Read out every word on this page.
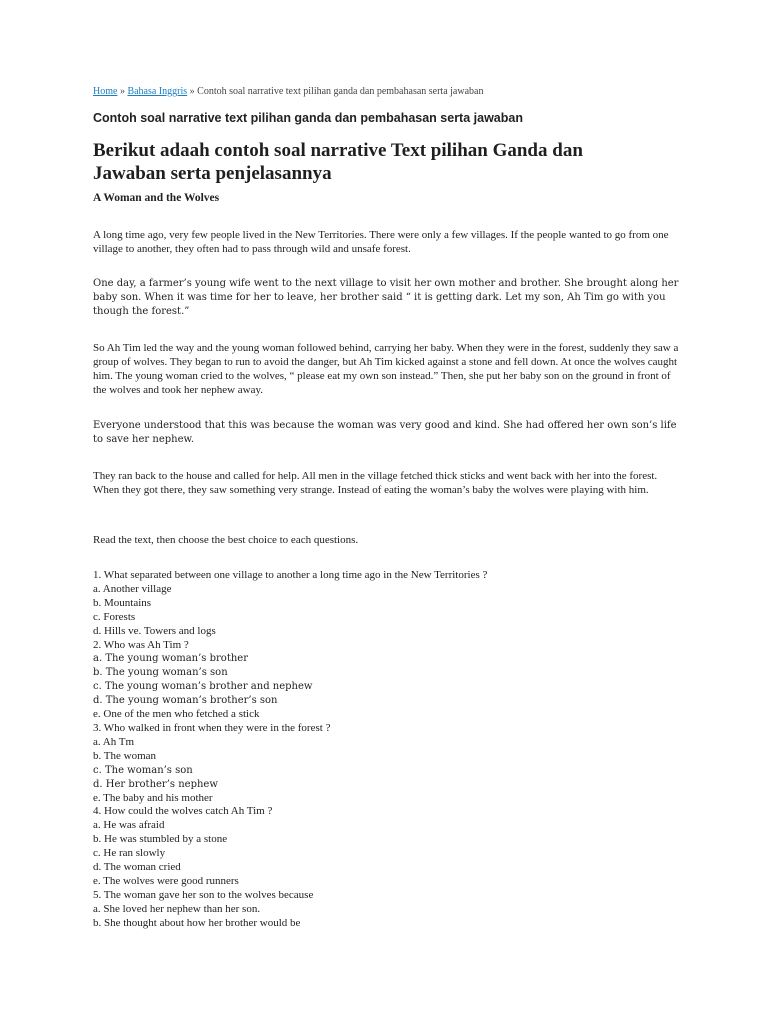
Home » Bahasa Inggris » Contoh soal narrative text pilihan ganda dan pembahasan serta jawaban
Contoh soal narrative text pilihan ganda dan pembahasan serta jawaban
Berikut adaah contoh soal narrative Text pilihan Ganda dan Jawaban serta penjelasannya
A Woman and the Wolves

A long time ago, very few people lived in the New Territories. There were only a few villages. If the people wanted to go from one village to another, they often had to pass through wild and unsafe forest.

One day, a farmer’s young wife went to the next village to visit her own mother and brother. She brought along her baby son. When it was time for her to leave, her brother said “ it is getting dark. Let my son, Ah Tim go with you though the forest.”

So Ah Tim led the way and the young woman followed behind, carrying her baby. When they were in the forest, suddenly they saw a group of wolves. They began to run to avoid the danger, but Ah Tim kicked against a stone and fell down. At once the wolves caught him. The young woman cried to the wolves, “ please eat my own son instead.” Then, she put her baby son on the ground in front of the wolves and took her nephew away.

Everyone understood that this was because the woman was very good and kind. She had offered her own son’s life to save her nephew.

They ran back to the house and called for help. All men in the village fetched thick sticks and went back with her into the forest. When they got there, they saw something very strange. Instead of eating the woman’s baby the wolves were playing with him.

Read the text, then choose the best choice to each questions.

1. What separated between one village to another a long time ago in the New Territories ?
a. Another village
b. Mountains
c. Forests
d. Hills ve. Towers and logs
2. Who was Ah Tim ?
a. The young woman’s brother
b. The young woman’s son
c. The young woman’s brother and nephew
d. The young woman’s brother’s son
e. One of the men who fetched a stick
3. Who walked in front when they were in the forest ?
a. Ah Tm
b. The woman
c. The woman’s son
d. Her brother’s nephew
e. The baby and his mother
4. How could the wolves catch Ah Tim ?
a. He was afraid
b. He was stumbled by a stone
c. He ran slowly
d. The woman cried
e. The wolves were good runners
5. The woman gave her son to the wolves because
a. She loved her nephew than her son.
b. She thought about how her brother would be
